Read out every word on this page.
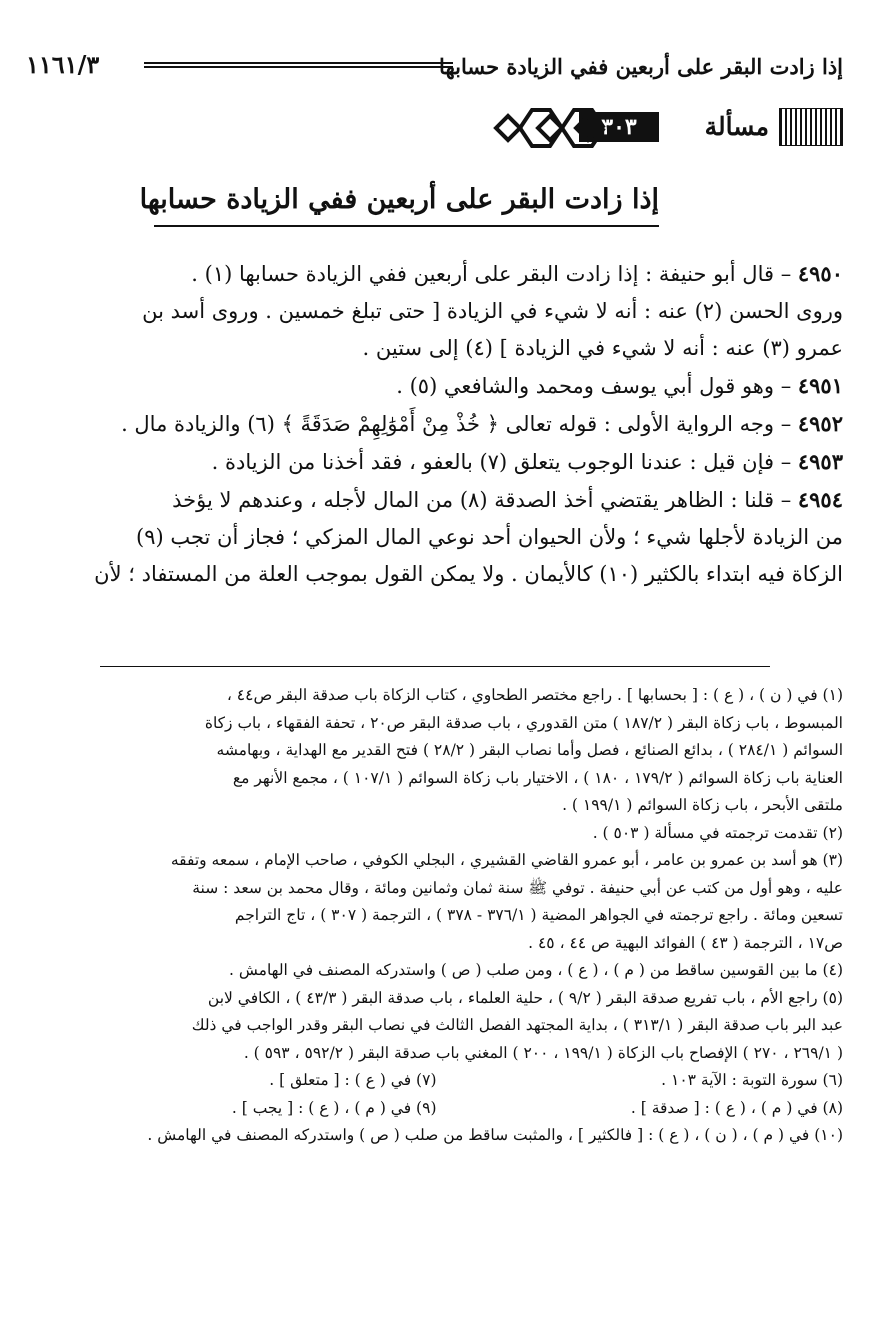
إذا زادت البقر على أربعين ففي الزيادة حسابها
١١٦١/٣
مسألة
٣٠٣
إذا زادت البقر على أربعين ففي الزيادة حسابها

٤٩٥٠ – قال أبو حنيفة : إذا زادت البقر على أربعين ففي الزيادة حسابها (١) .
وروى الحسن (٢) عنه : أنه لا شيء في الزيادة [ حتى تبلغ خمسين . وروى أسد بن
عمرو (٣) عنه : أنه لا شيء في الزيادة ] (٤) إلى ستين .

٤٩٥١ – وهو قول أبي يوسف ومحمد والشافعي (٥) .

٤٩٥٢ – وجه الرواية الأولى : قوله تعالى ﴿ خُذْ مِنْ أَمْوَٰلِهِمْ صَدَقَةً ﴾ (٦) والزيادة مال .

٤٩٥٣ – فإن قيل : عندنا الوجوب يتعلق (٧) بالعفو ، فقد أخذنا من الزيادة .

٤٩٥٤ – قلنا : الظاهر يقتضي أخذ الصدقة (٨) من المال لأجله ، وعندهم لا يؤخذ
من الزيادة لأجلها شيء ؛ ولأن الحيوان أحد نوعي المال المزكي ؛ فجاز أن تجب (٩)
الزكاة فيه ابتداء بالكثير (١٠) كالأيمان . ولا يمكن القول بموجب العلة من المستفاد ؛ لأن

(١) في ( ن ) ، ( ع ) : [ بحسابها ] . راجع مختصر الطحاوي ، كتاب الزكاة باب صدقة البقر ص٤٤ ،

المبسوط ، باب زكاة البقر ( ١٨٧/٢ ) متن القدوري ، باب صدقة البقر ص٢٠ ، تحفة الفقهاء ، باب زكاة

السوائم ( ٢٨٤/١ ) ، بدائع الصنائع ، فصل وأما نصاب البقر ( ٢٨/٢ ) فتح القدير مع الهداية ، وبهامشه

العناية باب زكاة السوائم ( ١٧٩/٢ ، ١٨٠ ) ، الاختيار باب زكاة السوائم ( ١٠٧/١ ) ، مجمع الأنهر مع

ملتقى الأبحر ، باب زكاة السوائم ( ١٩٩/١ ) .

(٢) تقدمت ترجمته في مسألة ( ٥٠٣ ) .

(٣) هو أسد بن عمرو بن عامر ، أبو عمرو القاضي القشيري ، البجلي الكوفي ، صاحب الإمام ، سمعه وتفقه

عليه ، وهو أول من كتب عن أبي حنيفة . توفي ﷺ سنة ثمان وثمانين ومائة ، وقال محمد بن سعد : سنة

تسعين ومائة . راجع ترجمته في الجواهر المضية ( ٣٧٦/١ - ٣٧٨ ) ، الترجمة ( ٣٠٧ ) ، تاج التراجم

ص١٧ ، الترجمة ( ٤٣ ) الفوائد البهية ص ٤٤ ، ٤٥ .

(٤) ما بين القوسين ساقط من ( م ) ، ( ع ) ، ومن صلب ( ص ) واستدركه المصنف في الهامش .

(٥) راجع الأم ، باب تفريع صدقة البقر ( ٩/٢ ) ، حلية العلماء ، باب صدقة البقر ( ٤٣/٣ ) ، الكافي لابن

عبد البر باب صدقة البقر ( ٣١٣/١ ) ، بداية المجتهد الفصل الثالث في نصاب البقر وقدر الواجب في ذلك

( ٢٦٩/١ ، ٢٧٠ ) الإفصاح باب الزكاة ( ١٩٩/١ ، ٢٠٠ ) المغني باب صدقة البقر ( ٥٩٢/٢ ، ٥٩٣ ) .

(٦) سورة التوبة : الآية ١٠٣ .
(٧) في ( ع ) : [ متعلق ] .
(٨) في ( م ) ، ( ع ) : [ صدقة ] .
(٩) في ( م ) ، ( ع ) : [ يجب ] .

(١٠) في ( م ) ، ( ن ) ، ( ع ) : [ فالكثير ] ، والمثبت ساقط من صلب ( ص ) واستدركه المصنف في الهامش .
